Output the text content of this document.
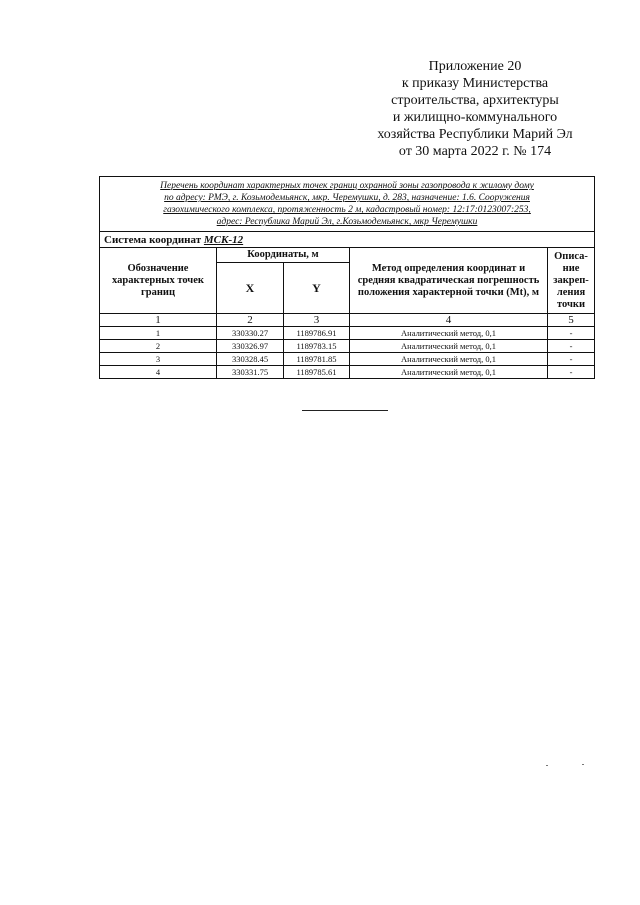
Приложение 20
к приказу Министерства
строительства, архитектуры
и жилищно-коммунального
хозяйства Республики Марий Эл
от 30 марта 2022 г. № 174
Перечень координат характерных точек границ охранной зоны газопровода к жилому дому
по адресу: РМЭ, г. Козьмодемьянск, мкр. Черемушки, д. 283, назначение: 1.6. Сооружения
газохимического комплекса, протяженность 2 м, кадастровый номер: 12:17:0123007:253,
адрес: Республика Марий Эл, г.Козьмодемьянск, мкр Черемушки				

Система координат МСК-12				
Обозначение характерных точек границ	Координаты, м		Метод определения координат и средняя квадратическая погрешность положения характерной точки (Mt), м	Описа-
ние
закреп-
ления
точки

	X	Y		
1	2	3	4	5
1	330330.27	1189786.91	Аналитический метод, 0,1	-
2	330326.97	1189783.15	Аналитический метод, 0,1	-
3	330328.45	1189781.85	Аналитический метод, 0,1	-
4	330331.75	1189785.61	Аналитический метод, 0,1	-
